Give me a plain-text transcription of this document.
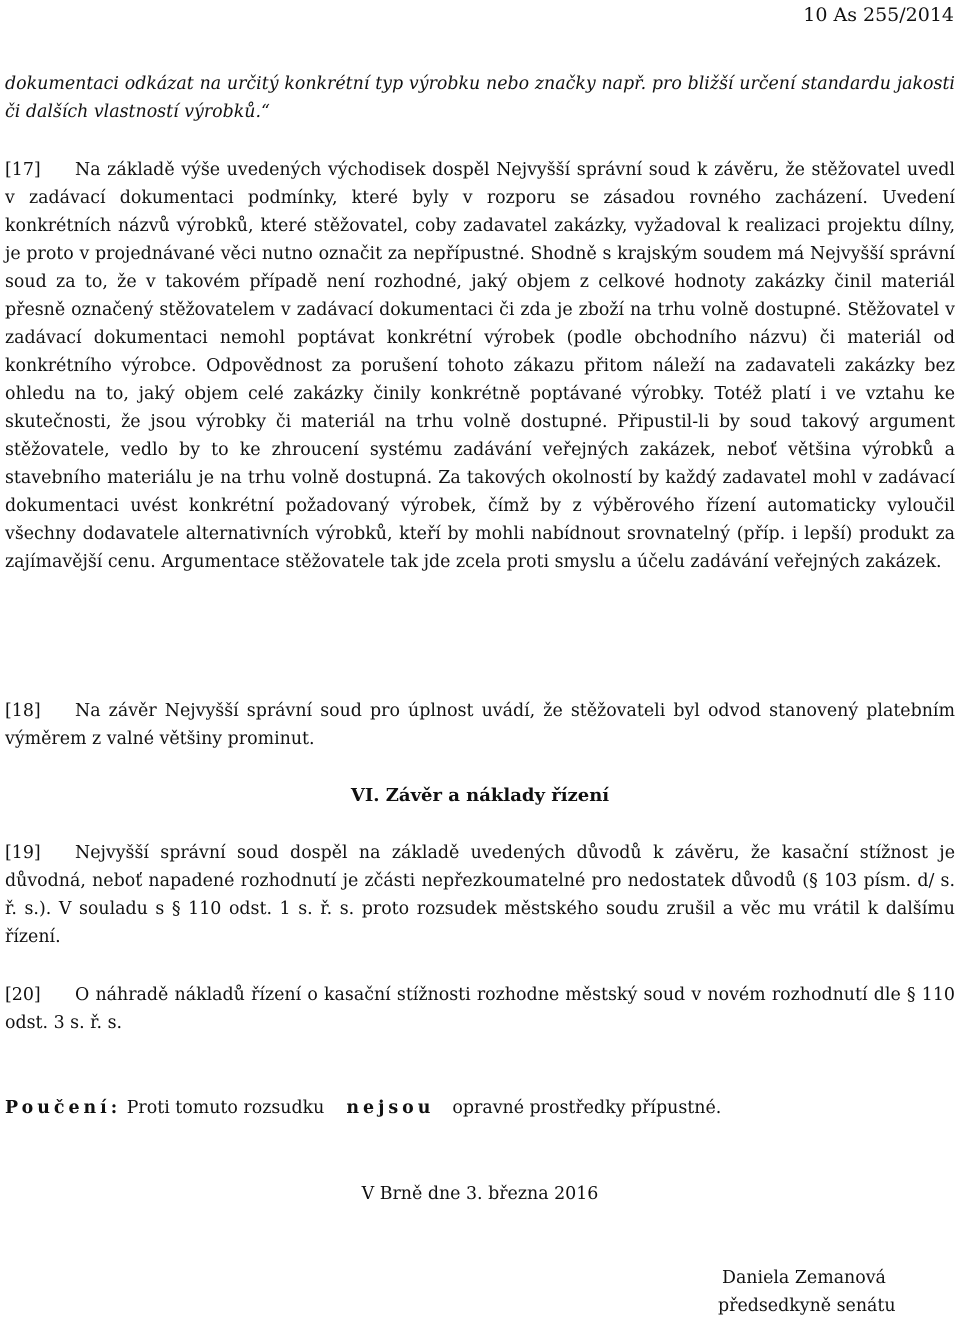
10 As 255/2014

dokumentaci odkázat na určitý konkrétní typ výrobku nebo značky např. pro bližší určení standardu jakosti či dalších vlastností výrobků.“

[17] Na základě výše uvedených východisek dospěl Nejvyšší správní soud k závěru, že stěžovatel uvedl v zadávací dokumentaci podmínky, které byly v rozporu se zásadou rovného zacházení. Uvedení konkrétních názvů výrobků, které stěžovatel, coby zadavatel zakázky, vyžadoval k realizaci projektu dílny, je proto v projednávané věci nutno označit za nepřípustné. Shodně s krajským soudem má Nejvyšší správní soud za to, že v takovém případě není rozhodné, jaký objem z celkové hodnoty zakázky činil materiál přesně označený stěžovatelem v zadávací dokumentaci či zda je zboží na trhu volně dostupné. Stěžovatel v zadávací dokumentaci nemohl poptávat konkrétní výrobek (podle obchodního názvu) či materiál od konkrétního výrobce. Odpovědnost za porušení tohoto zákazu přitom náleží na zadavateli zakázky bez ohledu na to, jaký objem celé zakázky činily konkrétně poptávané výrobky. Totéž platí i ve vztahu ke skutečnosti, že jsou výrobky či materiál na trhu volně dostupné. Připustil-li by soud takový argument stěžovatele, vedlo by to ke zhroucení systému zadávání veřejných zakázek, neboť většina výrobků a stavebního materiálu je na trhu volně dostupná. Za takových okolností by každý zadavatel mohl v zadávací dokumentaci uvést konkrétní požadovaný výrobek, čímž by z výběrového řízení automaticky vyloučil všechny dodavatele alternativních výrobků, kteří by mohli nabídnout srovnatelný (příp. i lepší) produkt za zajímavější cenu. Argumentace stěžovatele tak jde zcela proti smyslu a účelu zadávání veřejných zakázek.

[18] Na závěr Nejvyšší správní soud pro úplnost uvádí, že stěžovateli byl odvod stanovený platebním výměrem z valné většiny prominut.

VI. Závěr a náklady řízení

[19] Nejvyšší správní soud dospěl na základě uvedených důvodů k závěru, že kasační stížnost je důvodná, neboť napadené rozhodnutí je zčásti nepřezkoumatelné pro nedostatek důvodů (§ 103 písm. d/ s. ř. s.). V souladu s § 110 odst. 1 s. ř. s. proto rozsudek městského soudu zrušil a věc mu vrátil k dalšímu řízení.

[20] O náhradě nákladů řízení o kasační stížnosti rozhodne městský soud v novém rozhodnutí dle § 110 odst. 3 s. ř. s.

Poučení: Proti tomuto rozsudku nejsou opravné prostředky přípustné.
V Brně dne 3. března 2016
Daniela Zemanová
předsedkyně senátu
